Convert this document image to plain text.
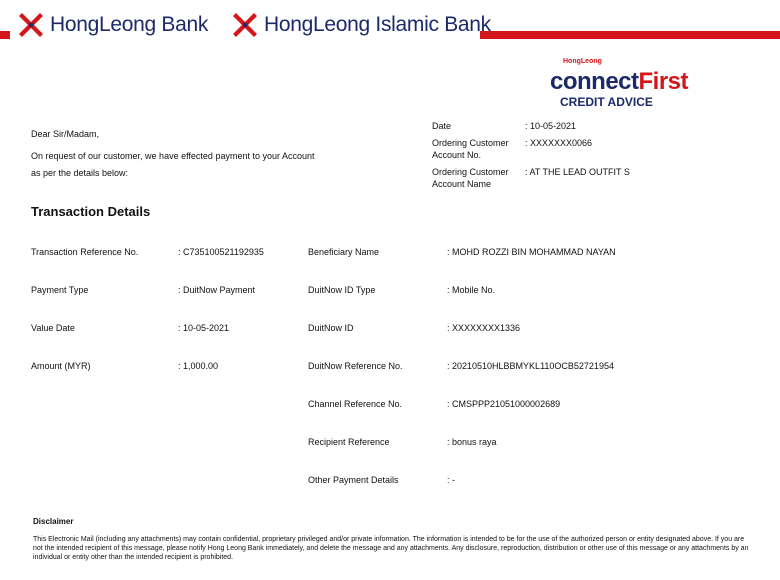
HongLeong Bank	HongLeong Islamic Bank
HongLeong
connectFirst
CREDIT ADVICE
Dear Sir/Madam,
On request of our customer, we have effected payment to your Account
as per the details below:
Date	: 10-05-2021
Ordering Customer
Account No.
: XXXXXXX0066
Ordering Customer
Account Name
: AT THE LEAD OUTFIT S
Transaction Details
Transaction Reference No.	: C735100521192935
Payment Type	: DuitNow Payment
Value Date	: 10-05-2021
Amount (MYR)	: 1,000.00
Beneficiary Name	: MOHD ROZZI BIN MOHAMMAD NAYAN
DuitNow ID Type	: Mobile No.
DuitNow ID	: XXXXXXXX1336
DuitNow Reference No.	: 20210510HLBBMYKL110OCB52721954
Channel Reference No.	: CMSPPP21051000002689
Recipient Reference	: bonus raya
Other Payment Details	: -
Disclaimer
This Electronic Mail (including any attachments) may contain confidential, proprietary privileged and/or private information. The information is intended to be for the use of the authorized person or entity designated above. If you are not the intended recipient of this message, please notify Hong Leong Bank immediately, and delete the message and any attachments. Any disclosure, reproduction, distribution or other use of this message or any attachments by an individual or entity other than the intended recipient is prohibited.
